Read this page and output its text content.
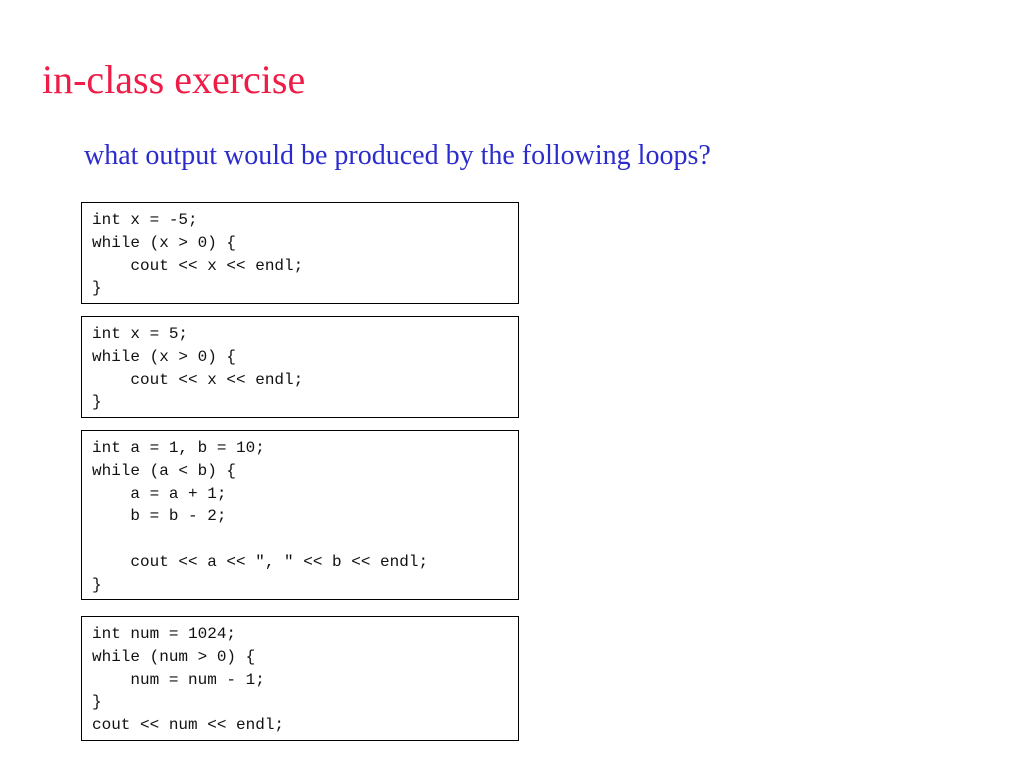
in-class exercise

what output would be produced by the following loops?

int x = -5;
while (x > 0) {
cout << x << endl;
}
int x = 5;
while (x > 0) {
cout << x << endl;
}
int a = 1, b = 10;
while (a < b) {
a = a + 1;
b = b - 2;
cout << a << ", " << b << endl;
}
int num = 1024;
while (num > 0) {
num = num - 1;
}
cout << num << endl;
